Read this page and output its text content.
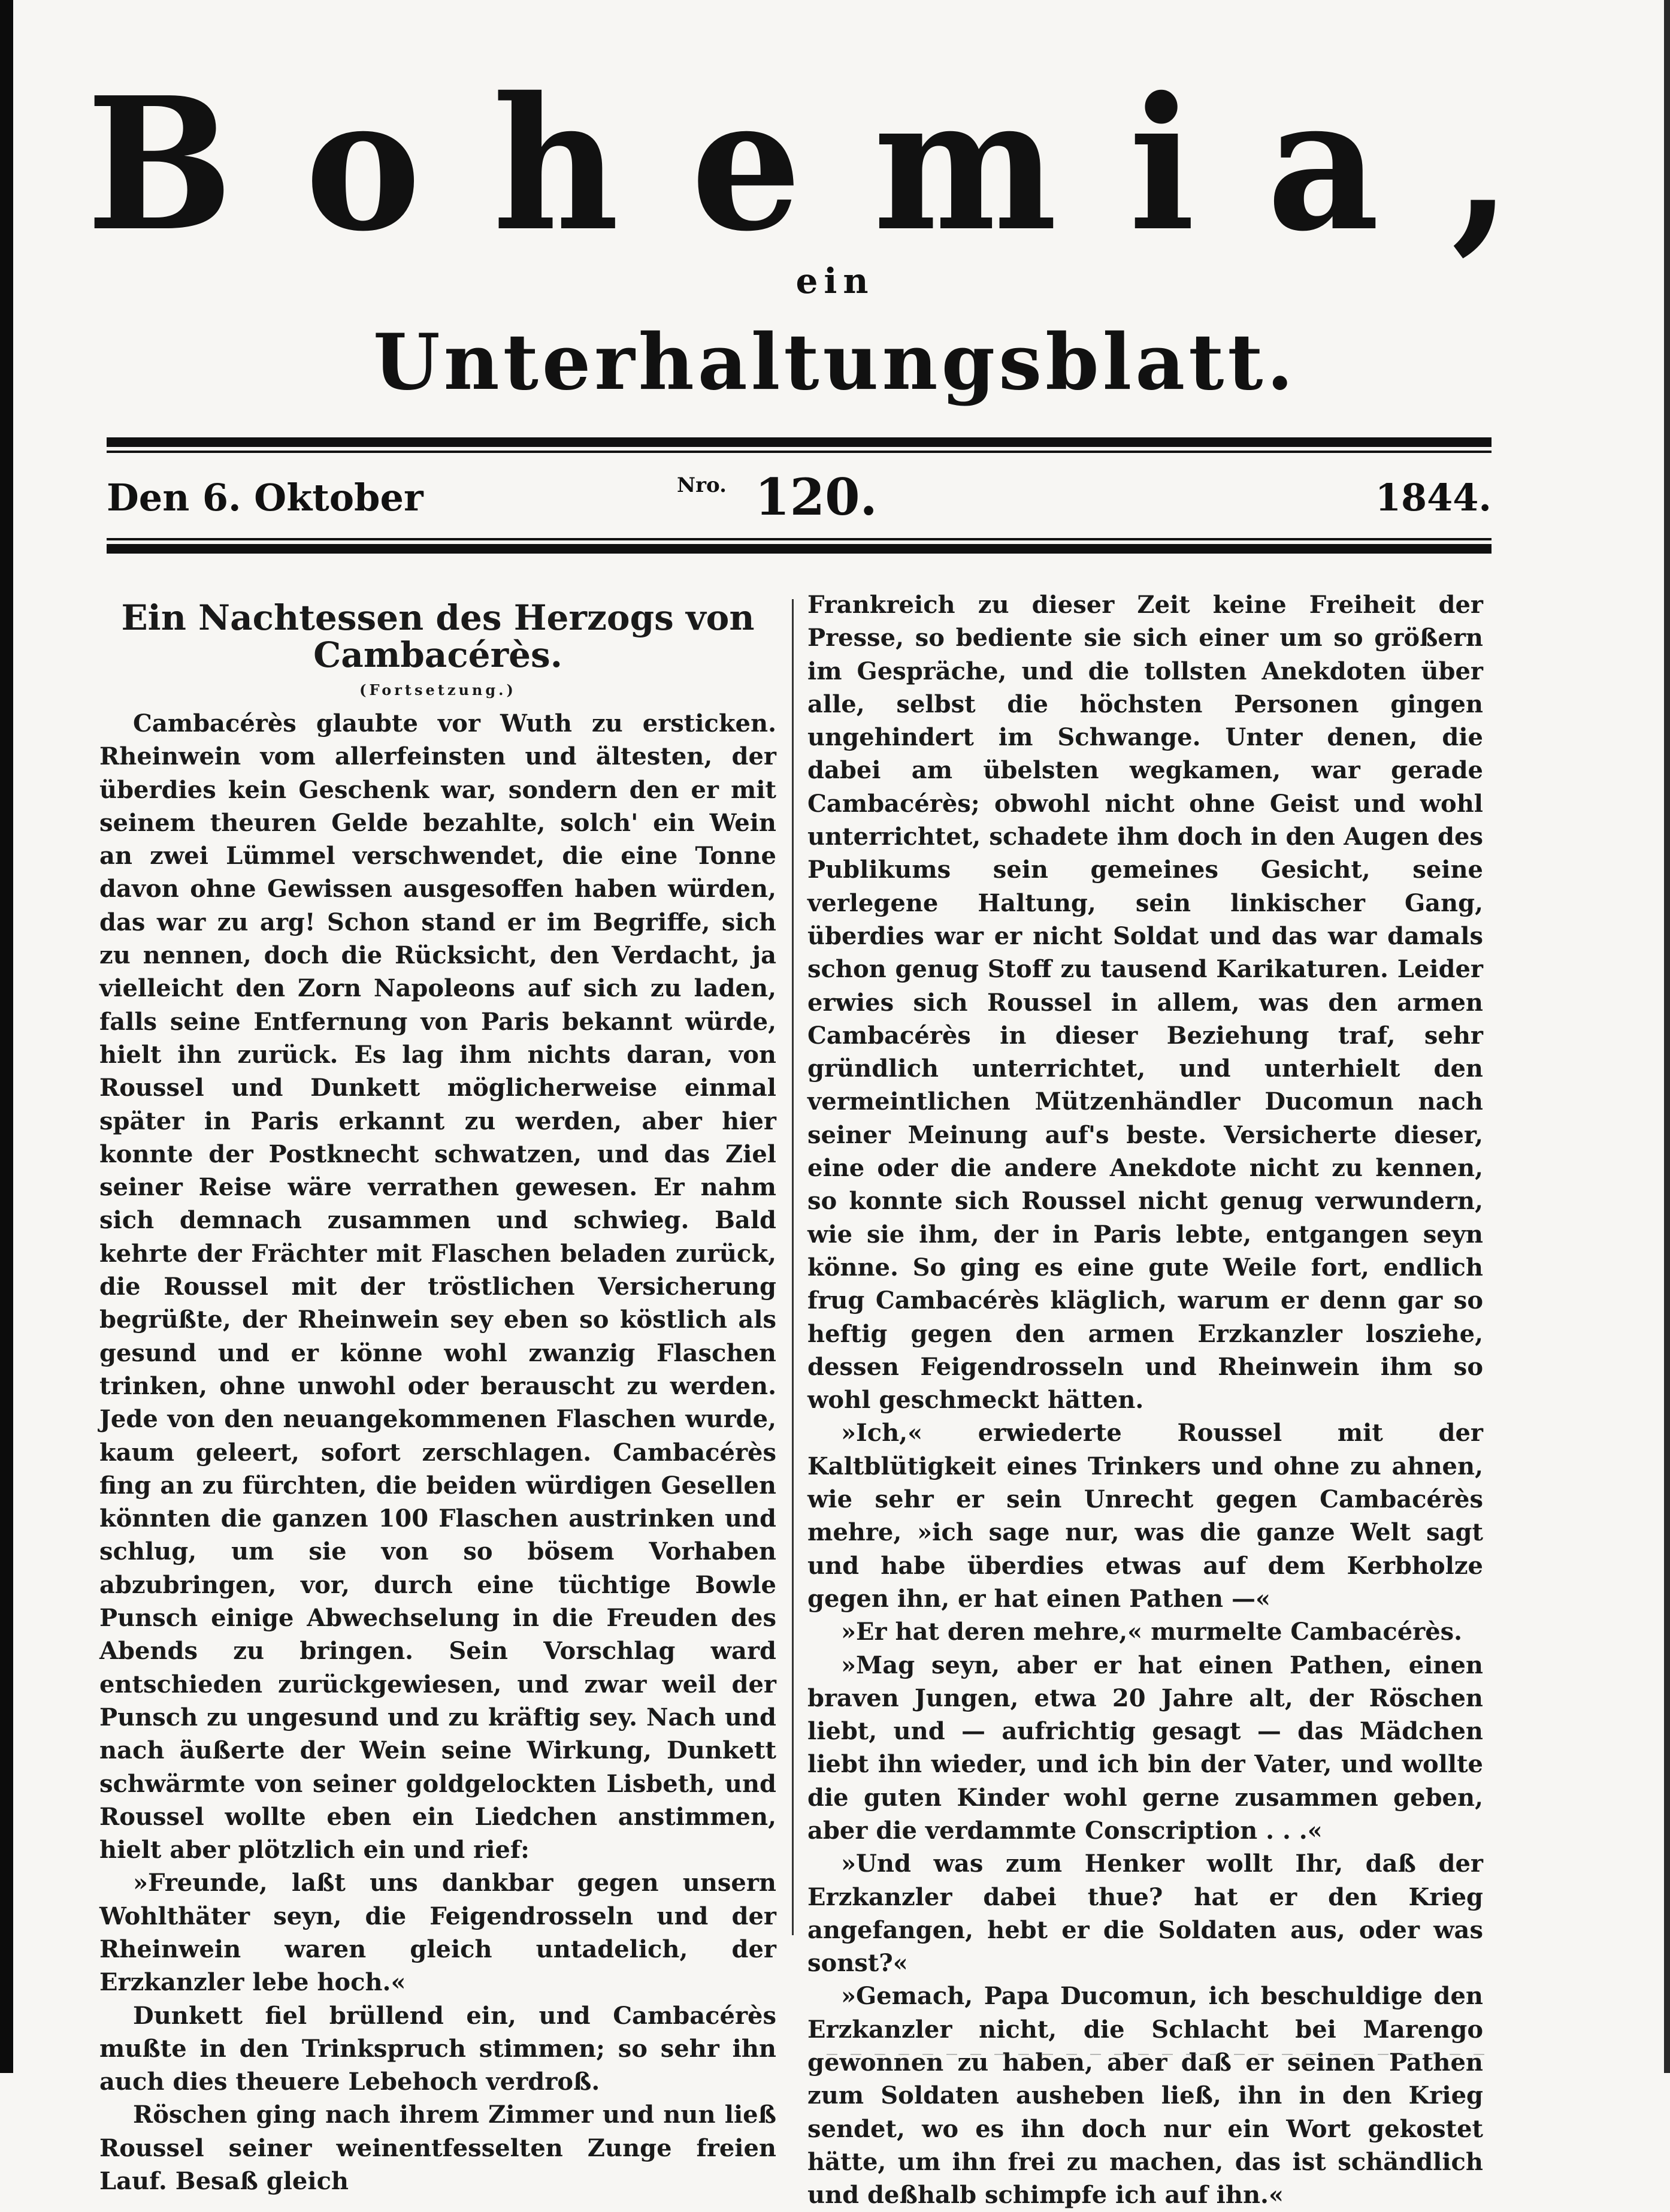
Bohemia,
ein
Unterhaltungsblatt.
Den 6. Oktober	$^{Nro.}$ 120.	1844.
Ein Nachtessen des Herzogs von Cambacérès.
(Fortsetzung.)

Cambacérès glaubte vor Wuth zu ersticken. Rheinwein vom allerfeinsten und ältesten, der überdies kein Geschenk war, sondern den er mit seinem theuren Gelde bezahlte, solch' ein Wein an zwei Lümmel verschwendet, die eine Tonne davon ohne Gewissen ausgesoffen haben würden, das war zu arg! Schon stand er im Begriffe, sich zu nennen, doch die Rücksicht, den Verdacht, ja vielleicht den Zorn Napoleons auf sich zu laden, falls seine Entfernung von Paris bekannt würde, hielt ihn zurück. Es lag ihm nichts daran, von Roussel und Dunkett möglicherweise einmal später in Paris erkannt zu werden, aber hier konnte der Postknecht schwatzen, und das Ziel seiner Reise wäre verrathen gewesen. Er nahm sich demnach zusammen und schwieg. Bald kehrte der Frächter mit Flaschen beladen zurück, die Roussel mit der tröstlichen Versicherung begrüßte, der Rheinwein sey eben so köstlich als gesund und er könne wohl zwanzig Flaschen trinken, ohne unwohl oder berauscht zu werden. Jede von den neuangekommenen Flaschen wurde, kaum geleert, sofort zerschlagen. Cambacérès fing an zu fürchten, die beiden würdigen Gesellen könnten die ganzen 100 Flaschen austrinken und schlug, um sie von so bösem Vorhaben abzubringen, vor, durch eine tüchtige Bowle Punsch einige Abwechselung in die Freuden des Abends zu bringen. Sein Vorschlag ward entschieden zurückgewiesen, und zwar weil der Punsch zu ungesund und zu kräftig sey. Nach und nach äußerte der Wein seine Wirkung, Dunkett schwärmte von seiner goldgelockten Lisbeth, und Roussel wollte eben ein Liedchen anstimmen, hielt aber plötzlich ein und rief:

»Freunde, laßt uns dankbar gegen unsern Wohlthäter seyn, die Feigendrosseln und der Rheinwein waren gleich untadelich, der Erzkanzler lebe hoch.«

Dunkett fiel brüllend ein, und Cambacérès mußte in den Trinkspruch stimmen; so sehr ihn auch dies theuere Lebehoch verdroß.

Röschen ging nach ihrem Zimmer und nun ließ Roussel seiner weinentfesselten Zunge freien Lauf. Besaß gleich

Frankreich zu dieser Zeit keine Freiheit der Presse, so bediente sie sich einer um so größern im Gespräche, und die tollsten Anekdoten über alle, selbst die höchsten Personen gingen ungehindert im Schwange. Unter denen, die dabei am übelsten wegkamen, war gerade Cambacérès; obwohl nicht ohne Geist und wohl unterrichtet, schadete ihm doch in den Augen des Publikums sein gemeines Gesicht, seine verlegene Haltung, sein linkischer Gang, überdies war er nicht Soldat und das war damals schon genug Stoff zu tausend Karikaturen. Leider erwies sich Roussel in allem, was den armen Cambacérès in dieser Beziehung traf, sehr gründlich unterrichtet, und unterhielt den vermeintlichen Mützenhändler Ducomun nach seiner Meinung auf's beste. Versicherte dieser, eine oder die andere Anekdote nicht zu kennen, so konnte sich Roussel nicht genug verwundern, wie sie ihm, der in Paris lebte, entgangen seyn könne. So ging es eine gute Weile fort, endlich frug Cambacérès kläglich, warum er denn gar so heftig gegen den armen Erzkanzler losziehe, dessen Feigendrosseln und Rheinwein ihm so wohl geschmeckt hätten.

»Ich,« erwiederte Roussel mit der Kaltblütigkeit eines Trinkers und ohne zu ahnen, wie sehr er sein Unrecht gegen Cambacérès mehre, »ich sage nur, was die ganze Welt sagt und habe überdies etwas auf dem Kerbholze gegen ihn, er hat einen Pathen —«

»Er hat deren mehre,« murmelte Cambacérès.

»Mag seyn, aber er hat einen Pathen, einen braven Jungen, etwa 20 Jahre alt, der Röschen liebt, und — aufrichtig gesagt — das Mädchen liebt ihn wieder, und ich bin der Vater, und wollte die guten Kinder wohl gerne zusammen geben, aber die verdammte Conscription . . .«

»Und was zum Henker wollt Ihr, daß der Erzkanzler dabei thue? hat er den Krieg angefangen, hebt er die Soldaten aus, oder was sonst?«

»Gemach, Papa Ducomun, ich beschuldige den Erzkanzler nicht, die Schlacht bei Marengo gewonnen zu haben, aber daß er seinen Pathen zum Soldaten ausheben ließ, ihn in den Krieg sendet, wo es ihn doch nur ein Wort gekostet hätte, um ihn frei zu machen, das ist schändlich und deßhalb schimpfe ich auf ihn.«
